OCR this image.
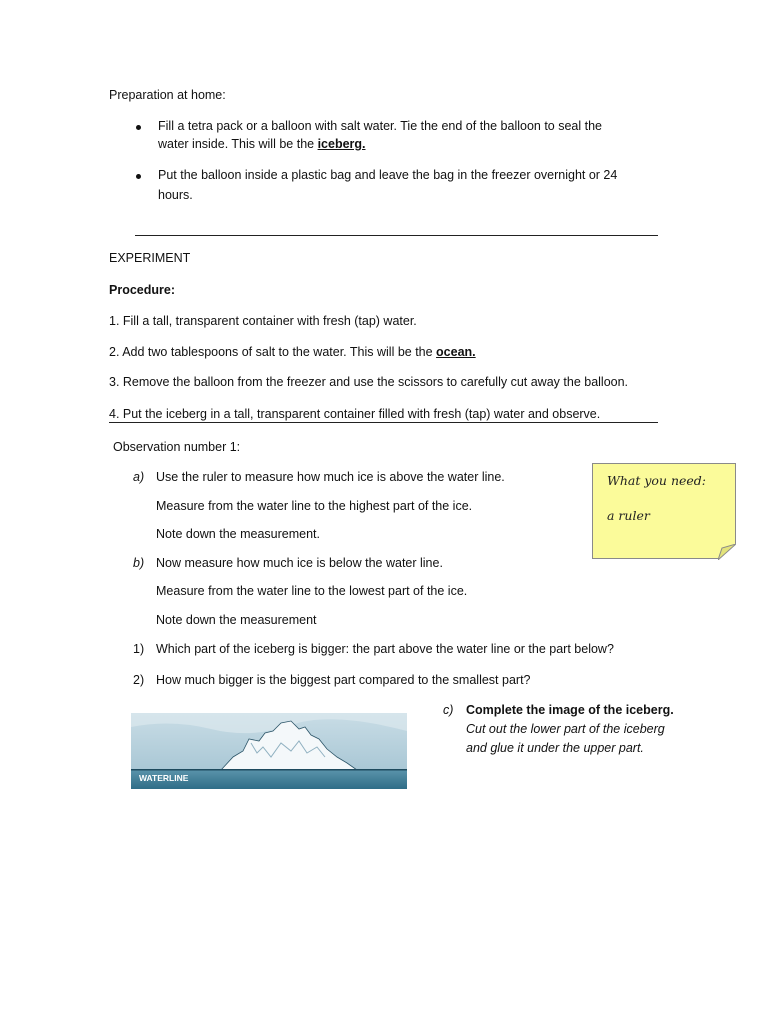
Preparation at home:
Fill a tetra pack or a balloon with salt water. Tie the end of the balloon to seal the
water inside. This will be the iceberg.
Put the balloon inside a plastic bag and leave the bag in the freezer overnight or 24
hours.
EXPERIMENT
Procedure:
1. Fill a tall, transparent container with fresh (tap) water.
2. Add two tablespoons of salt to the water. This will be the ocean.
3. Remove the balloon from the freezer and use the scissors to carefully cut away the balloon.
4. Put the iceberg in a tall, transparent container filled with fresh (tap) water and observe.
Observation number 1:
a) Use the ruler to measure how much ice is above the water line.
Measure from the water line to the highest part of the ice.
Note down the measurement.
b) Now measure how much ice is below the water line.
Measure from the water line to the lowest part of the ice.
Note down the measurement
1) Which part of the iceberg is bigger: the part above the water line or the part below?
2) How much bigger is the biggest part compared to the smallest part?
What you need:
a ruler
WATERLINE
c) Complete the image of the iceberg.
Cut out the lower part of the iceberg
and glue it under the upper part.
